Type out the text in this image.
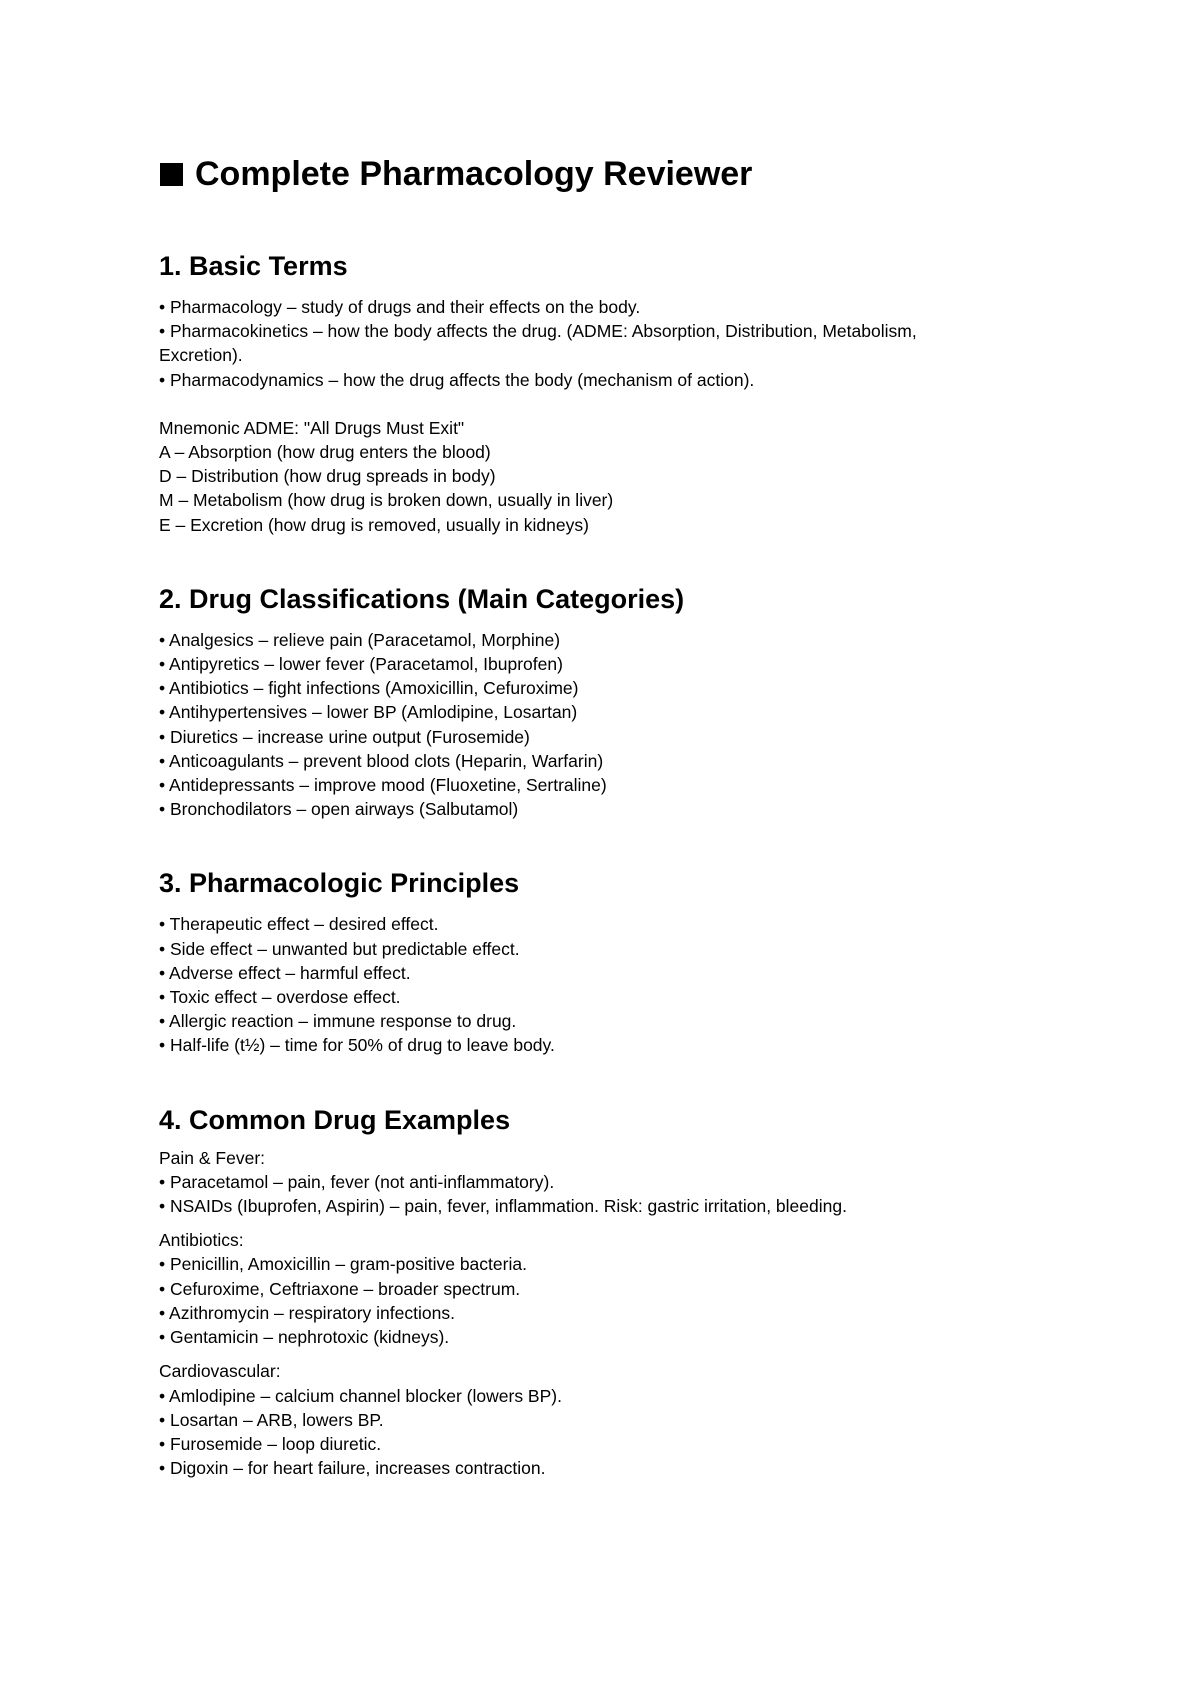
Complete Pharmacology Reviewer
1. Basic Terms

• Pharmacology – study of drugs and their effects on the body.

• Pharmacokinetics – how the body affects the drug. (ADME: Absorption, Distribution, Metabolism,

Excretion).

• Pharmacodynamics – how the drug affects the body (mechanism of action).

Mnemonic ADME: "All Drugs Must Exit"

A – Absorption (how drug enters the blood)

D – Distribution (how drug spreads in body)

M – Metabolism (how drug is broken down, usually in liver)

E – Excretion (how drug is removed, usually in kidneys)

2. Drug Classifications (Main Categories)

• Analgesics – relieve pain (Paracetamol, Morphine)

• Antipyretics – lower fever (Paracetamol, Ibuprofen)

• Antibiotics – fight infections (Amoxicillin, Cefuroxime)

• Antihypertensives – lower BP (Amlodipine, Losartan)

• Diuretics – increase urine output (Furosemide)

• Anticoagulants – prevent blood clots (Heparin, Warfarin)

• Antidepressants – improve mood (Fluoxetine, Sertraline)

• Bronchodilators – open airways (Salbutamol)

3. Pharmacologic Principles

• Therapeutic effect – desired effect.

• Side effect – unwanted but predictable effect.

• Adverse effect – harmful effect.

• Toxic effect – overdose effect.

• Allergic reaction – immune response to drug.

• Half-life (t½) – time for 50% of drug to leave body.

4. Common Drug Examples

Pain & Fever:

• Paracetamol – pain, fever (not anti-inflammatory).

• NSAIDs (Ibuprofen, Aspirin) – pain, fever, inflammation. Risk: gastric irritation, bleeding.

Antibiotics:

• Penicillin, Amoxicillin – gram-positive bacteria.

• Cefuroxime, Ceftriaxone – broader spectrum.

• Azithromycin – respiratory infections.

• Gentamicin – nephrotoxic (kidneys).

Cardiovascular:

• Amlodipine – calcium channel blocker (lowers BP).

• Losartan – ARB, lowers BP.

• Furosemide – loop diuretic.

• Digoxin – for heart failure, increases contraction.
